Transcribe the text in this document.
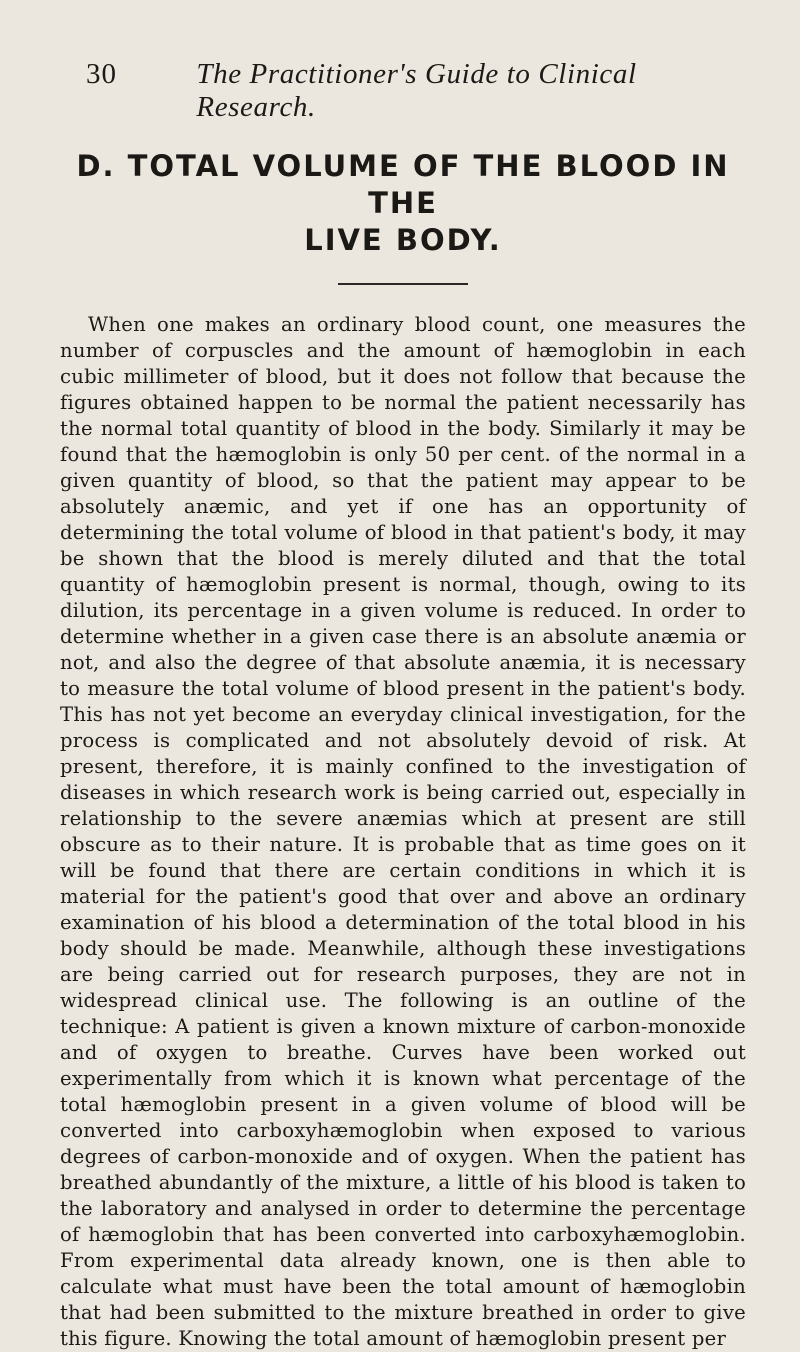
30	The Practitioner's Guide to Clinical Research.
D. TOTAL VOLUME OF THE BLOOD IN THE
LIVE BODY.

When one makes an ordinary blood count, one measures the number of corpuscles and the amount of hæmoglobin in each cubic millimeter of blood, but it does not follow that because the figures obtained happen to be normal the patient necessarily has the normal total quantity of blood in the body. Similarly it may be found that the hæmoglobin is only 50 per cent. of the normal in a given quantity of blood, so that the patient may appear to be absolutely anæmic, and yet if one has an opportunity of determining the total volume of blood in that patient's body, it may be shown that the blood is merely diluted and that the total quantity of hæmoglobin present is normal, though, owing to its dilution, its percentage in a given volume is reduced. In order to determine whether in a given case there is an absolute anæmia or not, and also the degree of that absolute anæmia, it is necessary to measure the total volume of blood present in the patient's body. This has not yet become an everyday clinical investigation, for the process is complicated and not absolutely devoid of risk. At present, therefore, it is mainly confined to the investigation of diseases in which research work is being carried out, especially in relationship to the severe anæmias which at present are still obscure as to their nature. It is probable that as time goes on it will be found that there are certain conditions in which it is material for the patient's good that over and above an ordinary examination of his blood a determination of the total blood in his body should be made. Meanwhile, although these investigations are being carried out for research purposes, they are not in widespread clinical use. The following is an outline of the technique: A patient is given a known mixture of carbon-monoxide and of oxygen to breathe. Curves have been worked out experimentally from which it is known what percentage of the total hæmoglobin present in a given volume of blood will be converted into carboxyhæmoglobin when exposed to various degrees of carbon-monoxide and of oxygen. When the patient has breathed abundantly of the mixture, a little of his blood is taken to the laboratory and analysed in order to determine the percentage of hæmoglobin that has been converted into carboxyhæmoglobin. From experimental data already known, one is then able to calculate what must have been the total amount of hæmoglobin that had been submitted to the mixture breathed in order to give this figure. Knowing the total amount of hæmoglobin present per
